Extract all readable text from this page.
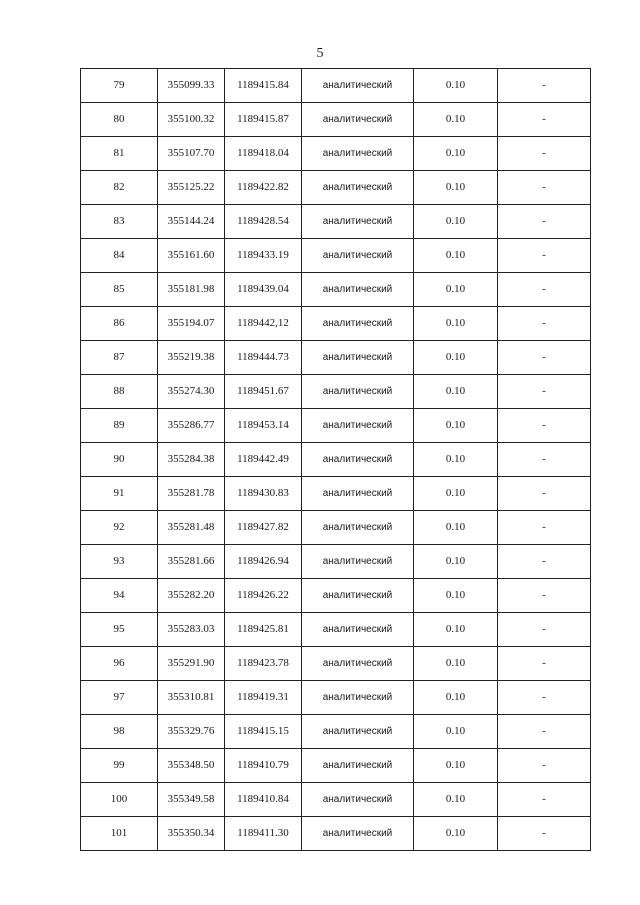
5
79	355099.33	1189415.84	аналитический	0.10	-
80	355100.32	1189415.87	аналитический	0.10	-
81	355107.70	1189418.04	аналитический	0.10	-
82	355125.22	1189422.82	аналитический	0.10	-
83	355144.24	1189428.54	аналитический	0.10	-
84	355161.60	1189433.19	аналитический	0.10	-
85	355181.98	1189439.04	аналитический	0.10	-
86	355194.07	1189442,12	аналитический	0.10	-
87	355219.38	1189444.73	аналитический	0.10	-
88	355274.30	1189451.67	аналитический	0.10	-
89	355286.77	1189453.14	аналитический	0.10	-
90	355284.38	1189442.49	аналитический	0.10	-
91	355281.78	1189430.83	аналитический	0.10	-
92	355281.48	1189427.82	аналитический	0.10	-
93	355281.66	1189426.94	аналитический	0.10	-
94	355282.20	1189426.22	аналитический	0.10	-
95	355283.03	1189425.81	аналитический	0.10	-
96	355291.90	1189423.78	аналитический	0.10	-
97	355310.81	1189419.31	аналитический	0.10	-
98	355329.76	1189415.15	аналитический	0.10	-
99	355348.50	1189410.79	аналитический	0.10	-
100	355349.58	1189410.84	аналитический	0.10	-
101	355350.34	1189411.30	аналитический	0.10	-
